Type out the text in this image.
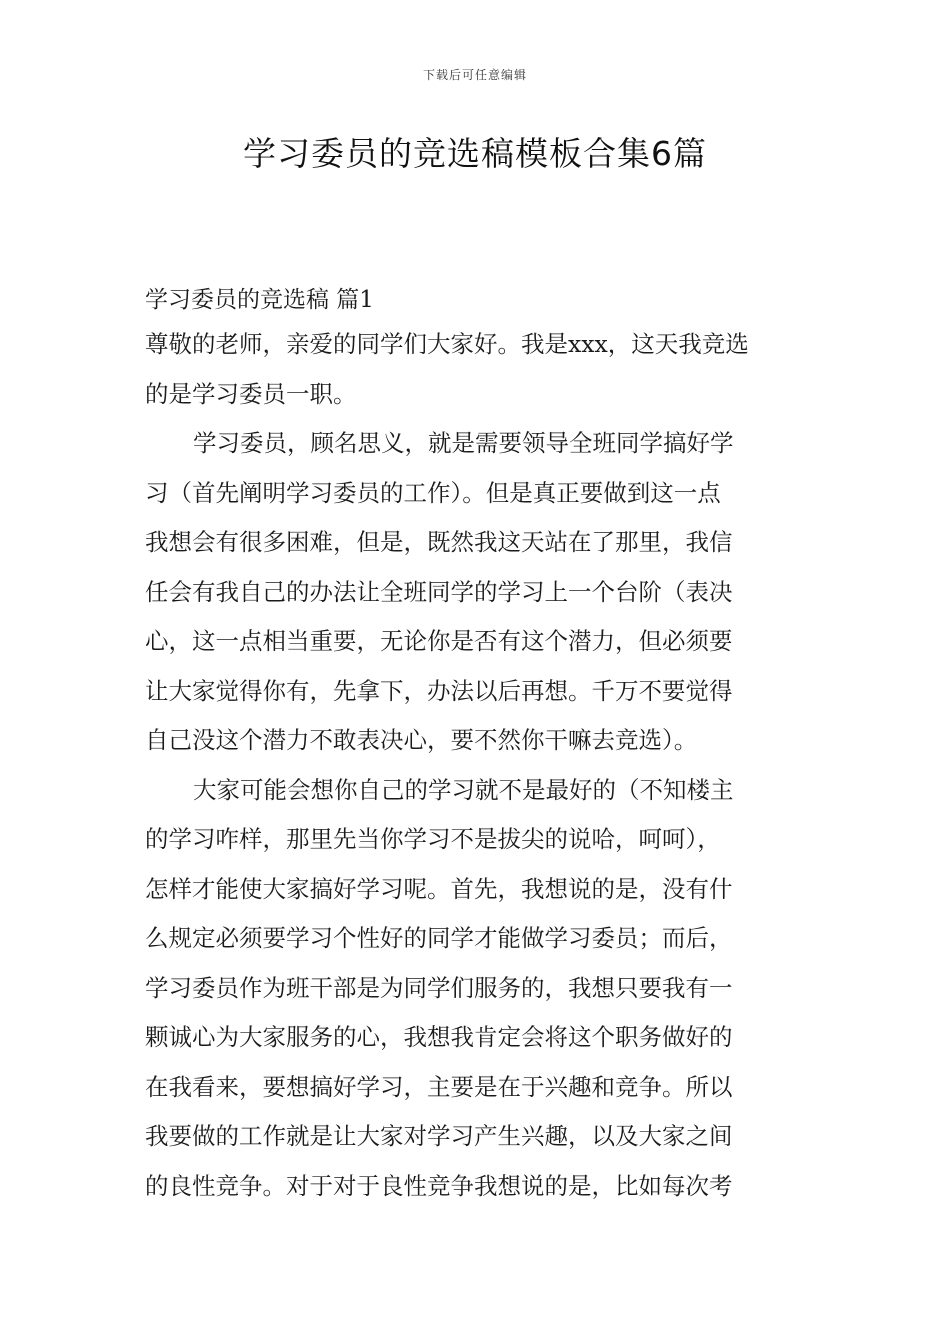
下载后可任意编辑
学习委员的竞选稿模板合集6篇

学习委员的竞选稿 篇1

尊敬的老师，亲爱的同学们大家好。我是xxx，这天我竞选
的是学习委员一职。
学习委员，顾名思义，就是需要领导全班同学搞好学
习（首先阐明学习委员的工作）。但是真正要做到这一点
我想会有很多困难，但是，既然我这天站在了那里，我信
任会有我自己的办法让全班同学的学习上一个台阶（表决
心，这一点相当重要，无论你是否有这个潜力，但必须要
让大家觉得你有，先拿下，办法以后再想。千万不要觉得
自己没这个潜力不敢表决心，要不然你干嘛去竞选）。
大家可能会想你自己的学习就不是最好的（不知楼主
的学习咋样，那里先当你学习不是拔尖的说哈，呵呵），
怎样才能使大家搞好学习呢。首先，我想说的是，没有什
么规定必须要学习个性好的同学才能做学习委员；而后，
学习委员作为班干部是为同学们服务的，我想只要我有一
颗诚心为大家服务的心，我想我肯定会将这个职务做好的
在我看来，要想搞好学习，主要是在于兴趣和竞争。所以
我要做的工作就是让大家对学习产生兴趣，以及大家之间
的良性竞争。对于对于良性竞争我想说的是，比如每次考
